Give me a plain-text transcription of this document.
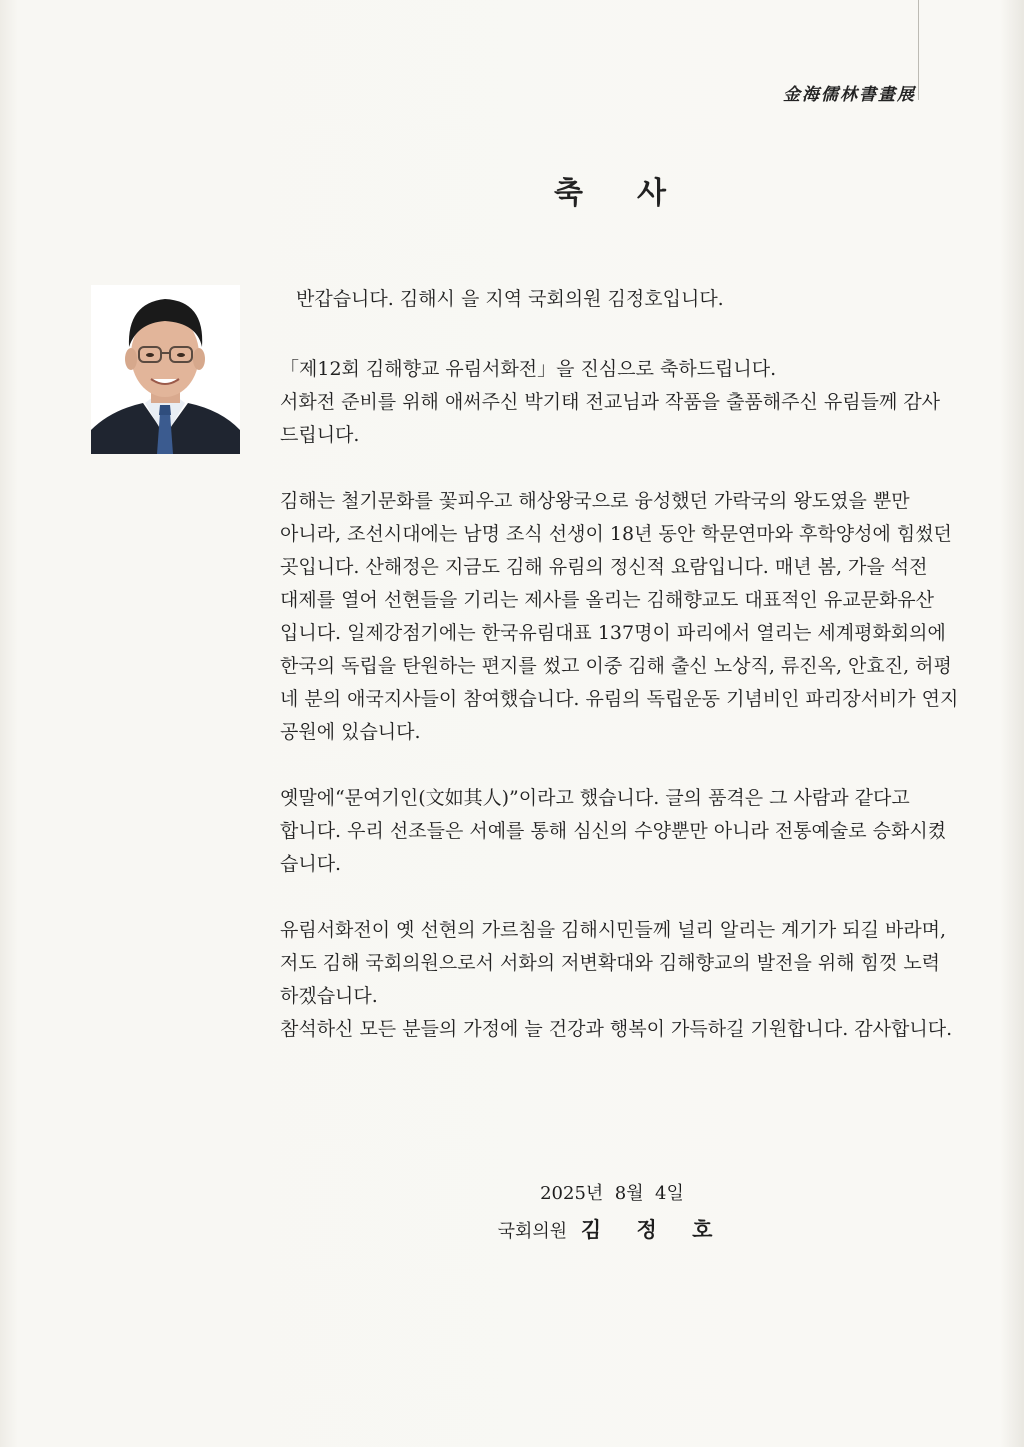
金海儒林書畫展
축 사
반갑습니다. 김해시 을 지역 국회의원 김정호입니다.
「제12회 김해향교 유림서화전」을 진심으로 축하드립니다.
서화전 준비를 위해 애써주신 박기태 전교님과 작품을 출품해주신 유림들께 감사
드립니다.
김해는 철기문화를 꽃피우고 해상왕국으로 융성했던 가락국의 왕도였을 뿐만
아니라, 조선시대에는 남명 조식 선생이 18년 동안 학문연마와 후학양성에 힘썼던
곳입니다. 산해정은 지금도 김해 유림의 정신적 요람입니다. 매년 봄, 가을 석전
대제를 열어 선현들을 기리는 제사를 올리는 김해향교도 대표적인 유교문화유산
입니다. 일제강점기에는 한국유림대표 137명이 파리에서 열리는 세계평화회의에
한국의 독립을 탄원하는 편지를 썼고 이중 김해 출신 노상직, 류진옥, 안효진, 허평
네 분의 애국지사들이 참여했습니다. 유림의 독립운동 기념비인 파리장서비가 연지
공원에 있습니다.
옛말에“문여기인(文如其人)”이라고 했습니다. 글의 품격은 그 사람과 같다고
합니다. 우리 선조들은 서예를 통해 심신의 수양뿐만 아니라 전통예술로 승화시켰
습니다.
유림서화전이 옛 선현의 가르침을 김해시민들께 널리 알리는 계기가 되길 바라며,
저도 김해 국회의원으로서 서화의 저변확대와 김해향교의 발전을 위해 힘껏 노력
하겠습니다.
참석하신 모든 분들의 가정에 늘 건강과 행복이 가득하길 기원합니다. 감사합니다.
2025년  8월  4일
국회의원 김 정 호
